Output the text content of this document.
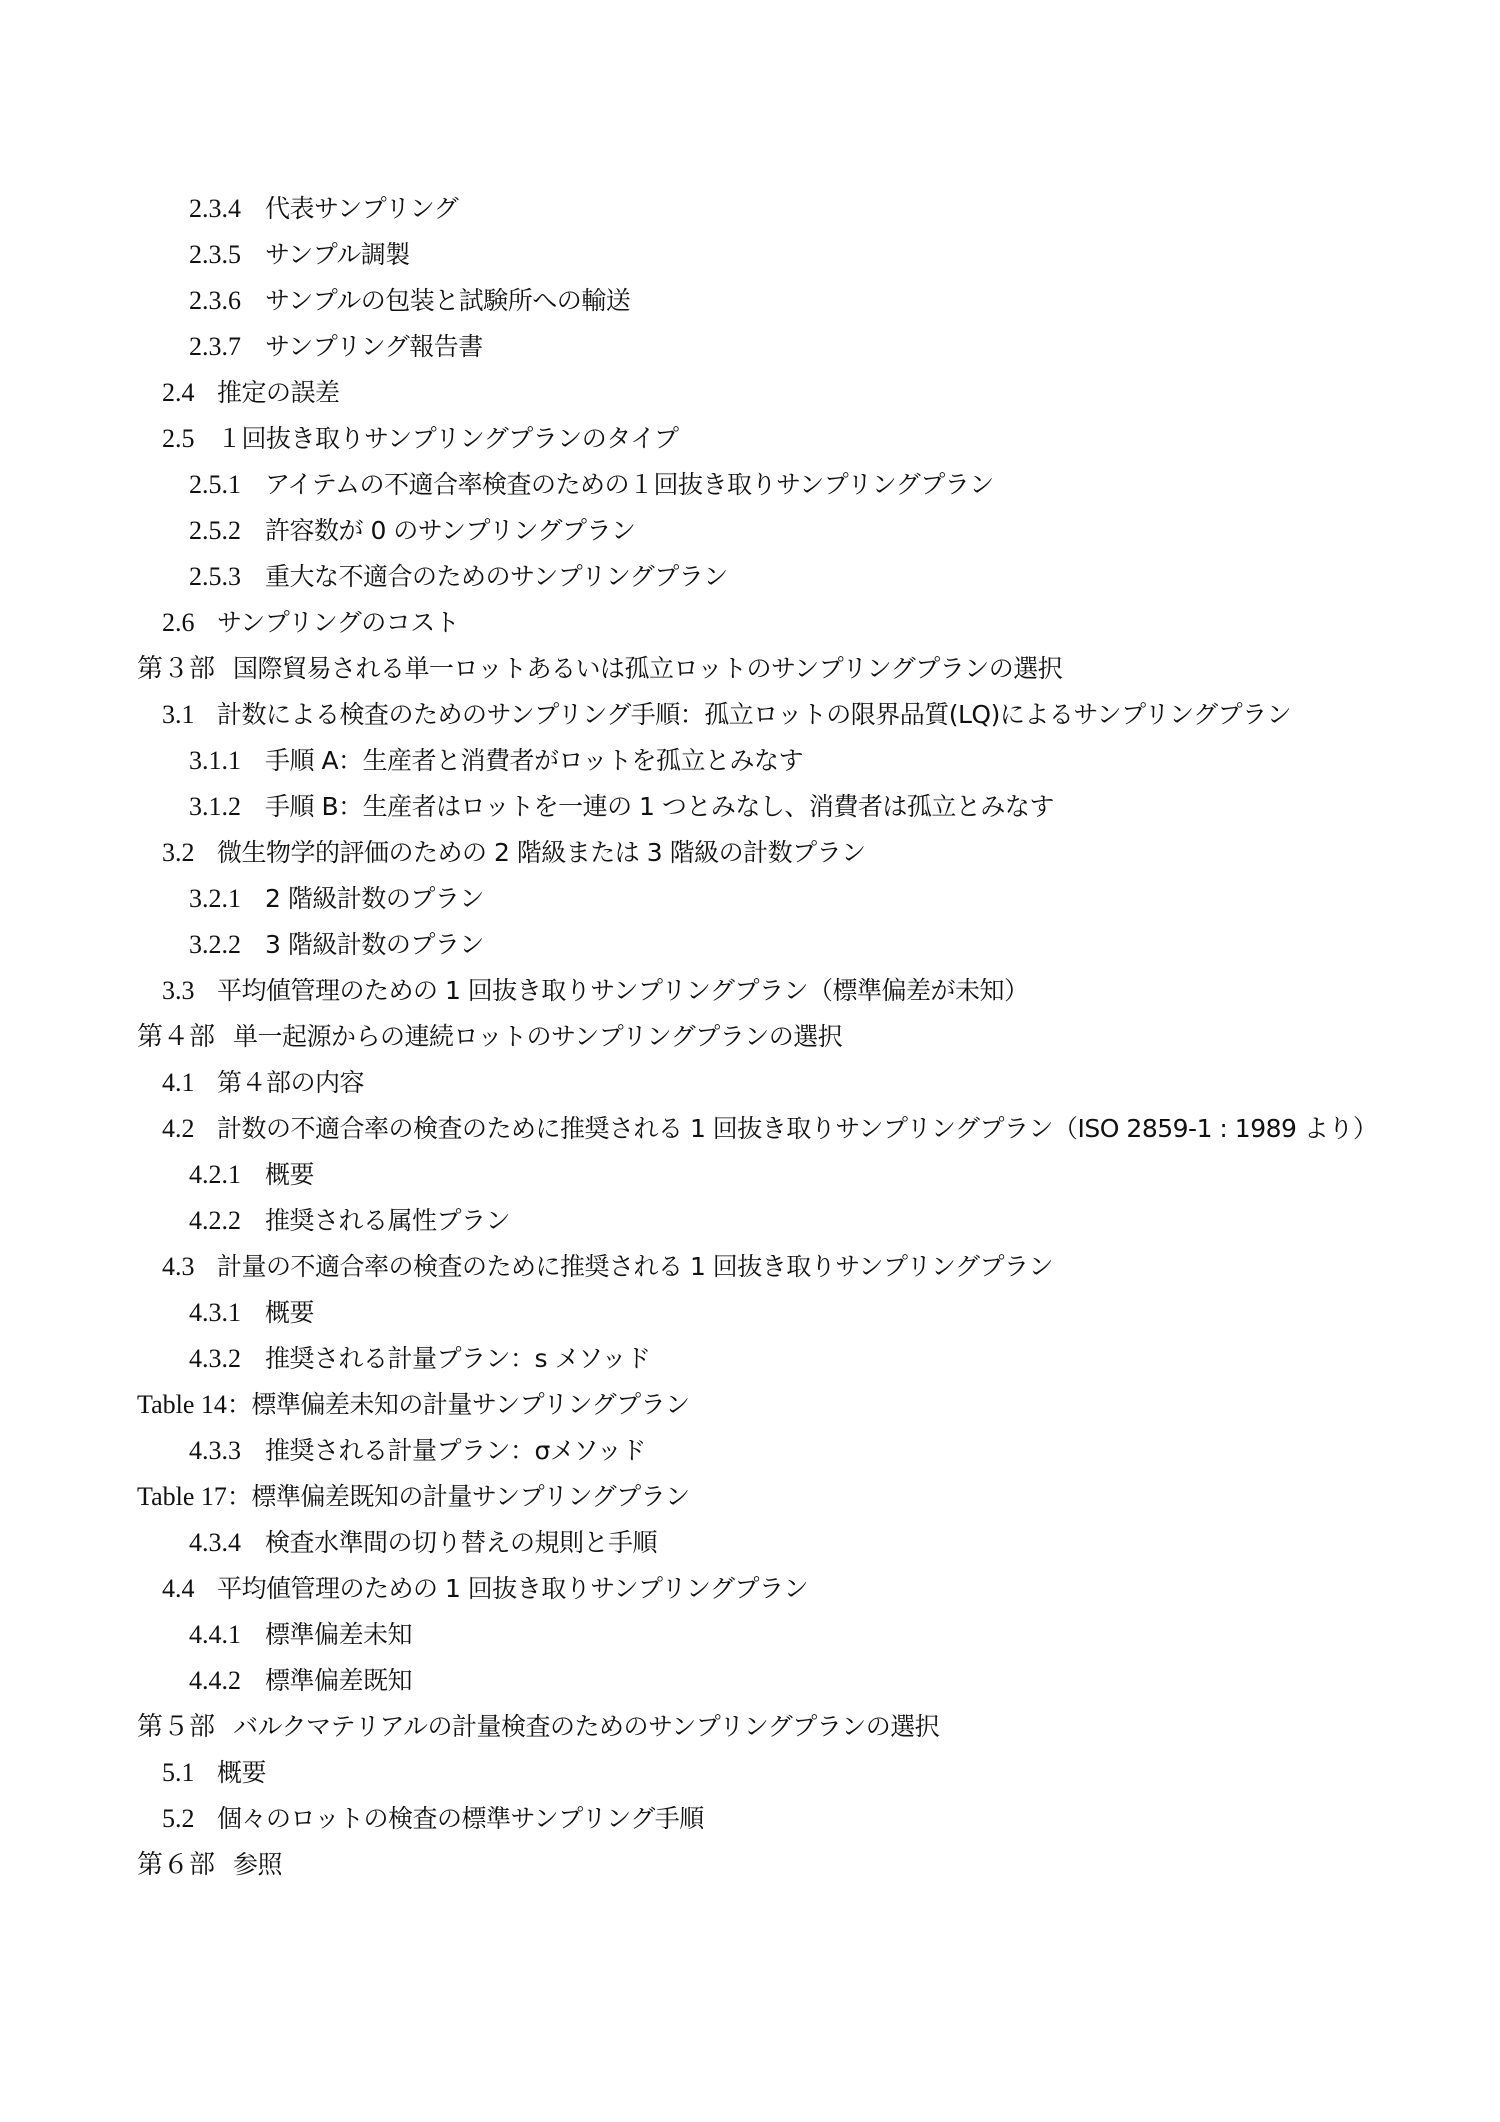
2.3.4 代表サンプリング
2.3.5 サンプル調製
2.3.6 サンプルの包装と試験所への輸送
2.3.7 サンプリング報告書
2.4 推定の誤差
2.5 １回抜き取りサンプリングプランのタイプ
2.5.1 アイテムの不適合率検査のための１回抜き取りサンプリングプラン
2.5.2 許容数が 0 のサンプリングプラン
2.5.3 重大な不適合のためのサンプリングプラン
2.6 サンプリングのコスト
第３部 国際貿易される単一ロットあるいは孤立ロットのサンプリングプランの選択
3.1 計数による検査のためのサンプリング手順：孤立ロットの限界品質(LQ)によるサンプリングプラン
3.1.1 手順 A：生産者と消費者がロットを孤立とみなす
3.1.2 手順 B：生産者はロットを一連の 1 つとみなし、消費者は孤立とみなす
3.2 微生物学的評価のための 2 階級または 3 階級の計数プラン
3.2.1 2 階級計数のプラン
3.2.2 3 階級計数のプラン
3.3 平均値管理のための 1 回抜き取りサンプリングプラン（標準偏差が未知）
第４部 単一起源からの連続ロットのサンプリングプランの選択
4.1 第４部の内容
4.2 計数の不適合率の検査のために推奨される 1 回抜き取りサンプリングプラン（ISO 2859-1 : 1989 より）
4.2.1 概要
4.2.2 推奨される属性プラン
4.3 計量の不適合率の検査のために推奨される 1 回抜き取りサンプリングプラン
4.3.1 概要
4.3.2 推奨される計量プラン：s メソッド
Table 14：標準偏差未知の計量サンプリングプラン
4.3.3 推奨される計量プラン：σメソッド
Table 17：標準偏差既知の計量サンプリングプラン
4.3.4 検査水準間の切り替えの規則と手順
4.4 平均値管理のための 1 回抜き取りサンプリングプラン
4.4.1 標準偏差未知
4.4.2 標準偏差既知
第５部 バルクマテリアルの計量検査のためのサンプリングプランの選択
5.1 概要
5.2 個々のロットの検査の標準サンプリング手順
第６部 参照
